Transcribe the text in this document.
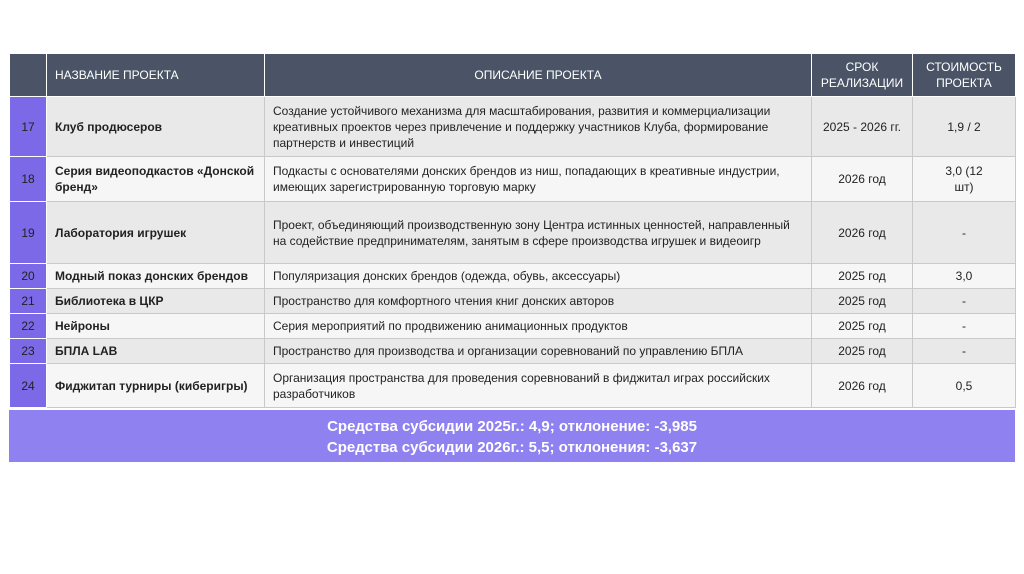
	НАЗВАНИЕ ПРОЕКТА	ОПИСАНИЕ ПРОЕКТА	СРОК РЕАЛИЗАЦИИ	СТОИМОСТЬ ПРОЕКТА
17	Клуб продюсеров	Создание устойчивого механизма для масштабирования, развития и коммерциализации креативных проектов через привлечение и поддержку участников Клуба, формирование партнерств и инвестиций	2025 - 2026 гг.	1,9 / 2
18	Серия видеоподкастов «Донской бренд»	Подкасты с основателями донских брендов из ниш, попадающих в креативные индустрии, имеющих зарегистрированную торговую марку	2026 год	3,0 (12 шт)
19	Лаборатория игрушек	Проект, объединяющий производственную зону Центра истинных ценностей, направленный на содействие предпринимателям, занятым в сфере производства игрушек и видеоигр	2026 год	-
20	Модный показ донских брендов	Популяризация донских брендов (одежда, обувь, аксессуары)	2025 год	3,0
21	Библиотека в ЦКР	Пространство для комфортного чтения книг донских авторов	2025 год	-
22	Нейроны	Серия мероприятий по продвижению анимационных продуктов	2025 год	-
23	БПЛА LAB	Пространство для производства и организации соревнований по управлению БПЛА	2025 год	-
24	Фиджитап турниры (киберигры)	Организация пространства для проведения соревнований в фиджитал играх российских разработчиков	2026 год	0,5
Средства субсидии 2025г.: 4,9; отклонение: -3,985
Средства субсидии 2026г.: 5,5; отклонения: -3,637
